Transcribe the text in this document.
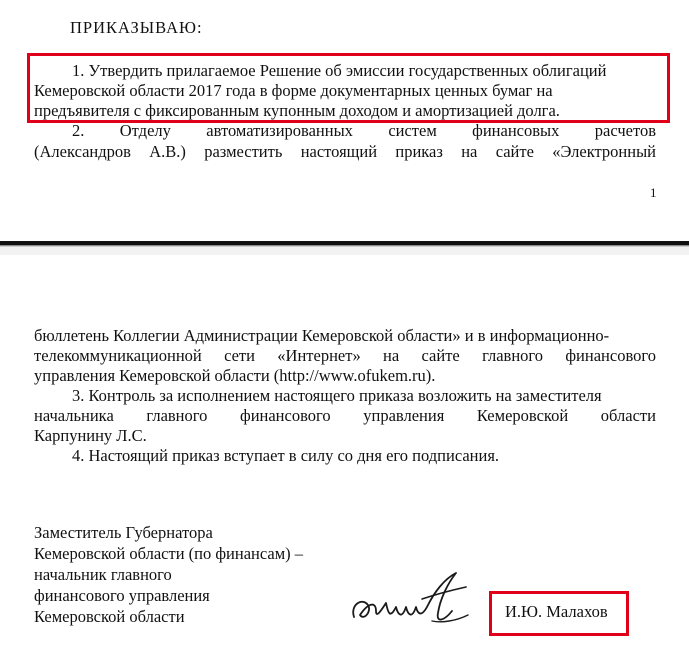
ПРИКАЗЫВАЮ:
1. Утвердить прилагаемое Решение об эмиссии государственных облигаций
Кемеровской области 2017 года в форме документарных ценных бумаг на
предъявителя с фиксированным купонным доходом и амортизацией долга.
2. Отделу автоматизированных систем финансовых расчетов
(Александров А.В.) разместить настоящий приказ на сайте «Электронный
1
бюллетень Коллегии Администрации Кемеровской области» и в информационно-
телекоммуникационной сети «Интернет» на сайте главного финансового
управления Кемеровской области (http://www.ofukem.ru).
3. Контроль за исполнением настоящего приказа возложить на заместителя
начальника главного финансового управления Кемеровской области
Карпунину Л.С.
4. Настоящий приказ вступает в силу со дня его подписания.
Заместитель Губернатора
Кемеровской области (по финансам) –
начальник главного
финансового управления
Кемеровской области	И.Ю. Малахов
